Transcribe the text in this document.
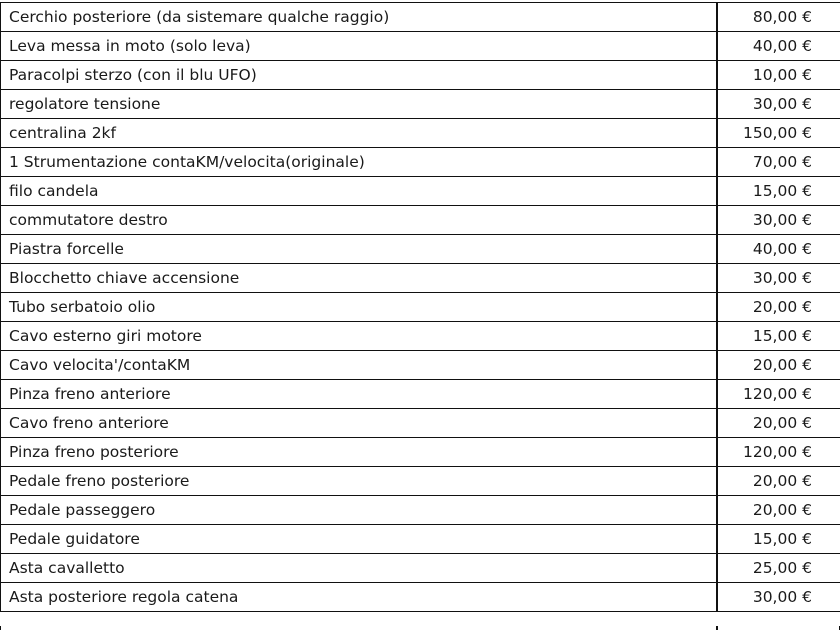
Cerchio posteriore (da sistemare qualche raggio)	80,00 €
Leva messa in moto (solo leva)	40,00 €
Paracolpi sterzo (con il blu UFO)	10,00 €
regolatore tensione	30,00 €
centralina 2kf	150,00 €
1 Strumentazione contaKM/velocita(originale)	70,00 €
filo candela	15,00 €
commutatore destro	30,00 €
Piastra forcelle	40,00 €
Blocchetto chiave accensione	30,00 €
Tubo serbatoio olio	20,00 €
Cavo esterno giri motore	15,00 €
Cavo velocita'/contaKM	20,00 €
Pinza freno anteriore	120,00 €
Cavo freno anteriore	20,00 €
Pinza freno posteriore	120,00 €
Pedale freno posteriore	20,00 €
Pedale passeggero	20,00 €
Pedale guidatore	15,00 €
Asta cavalletto	25,00 €
Asta posteriore regola catena	30,00 €
